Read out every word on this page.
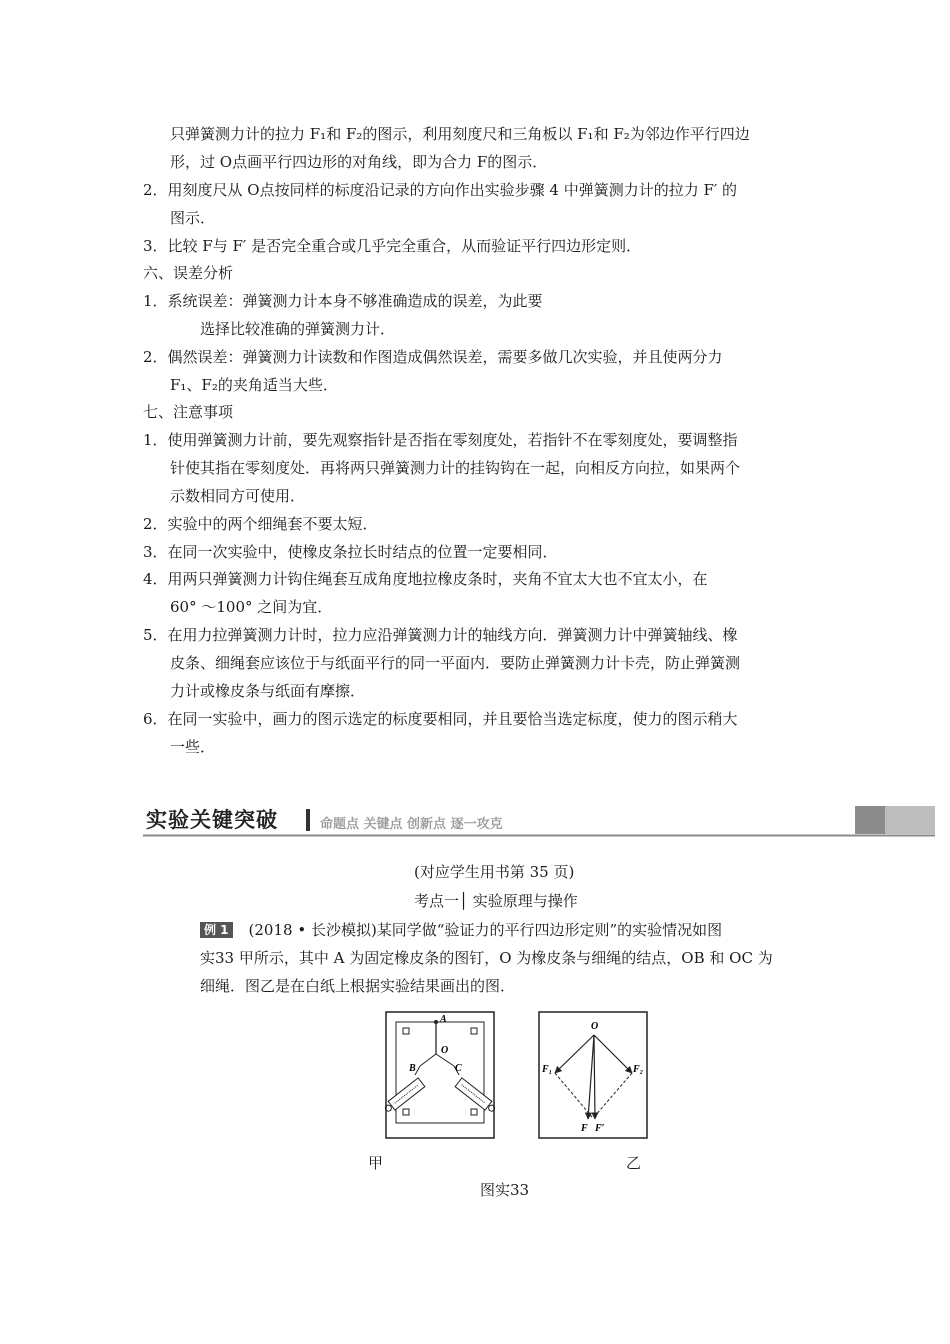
只弹簧测力计的拉力 F₁和 F₂的图示，利用刻度尺和三角板以 F₁和 F₂为邻边作平行四边
形，过 O点画平行四边形的对角线，即为合力 F的图示．
2．用刻度尺从 O点按同样的标度沿记录的方向作出实验步骤 4 中弹簧测力计的拉力 F′ 的
图示．
3．比较 F与 F′ 是否完全重合或几乎完全重合，从而验证平行四边形定则．
六、误差分析
1．系统误差：弹簧测力计本身不够准确造成的误差，为此要
选择比较准确的弹簧测力计．
2．偶然误差：弹簧测力计读数和作图造成偶然误差，需要多做几次实验，并且使两分力
F₁、F₂的夹角适当大些．
七、注意事项
1．使用弹簧测力计前，要先观察指针是否指在零刻度处，若指针不在零刻度处，要调整指
针使其指在零刻度处．再将两只弹簧测力计的挂钩钩在一起，向相反方向拉，如果两个
示数相同方可使用．
2．实验中的两个细绳套不要太短．
3．在同一次实验中，使橡皮条拉长时结点的位置一定要相同．
4．用两只弹簧测力计钩住绳套互成角度地拉橡皮条时，夹角不宜太大也不宜太小，在
60° ～100° 之间为宜．
5．在用力拉弹簧测力计时，拉力应沿弹簧测力计的轴线方向．弹簧测力计中弹簧轴线、橡
皮条、细绳套应该位于与纸面平行的同一平面内．要防止弹簧测力计卡壳，防止弹簧测
力计或橡皮条与纸面有摩擦．
6．在同一实验中，画力的图示选定的标度要相同，并且要恰当选定标度，使力的图示稍大
一些．
实验关键突破	命题点 关键点 创新点 逐一攻克
(对应学生用书第 35 页)
考点一│ 实验原理与操作
例 1 (2018 • 长沙模拟)某同学做“验证力的平行四边形定则”的实验情况如图
实33 甲所示，其中 A 为固定橡皮条的图钉，O 为橡皮条与细绳的结点，OB 和 OC 为
细绳．图乙是在白纸上根据实验结果画出的图．
A
O
B	C
O
F₁	F₂
F F′
甲	乙
图实33
